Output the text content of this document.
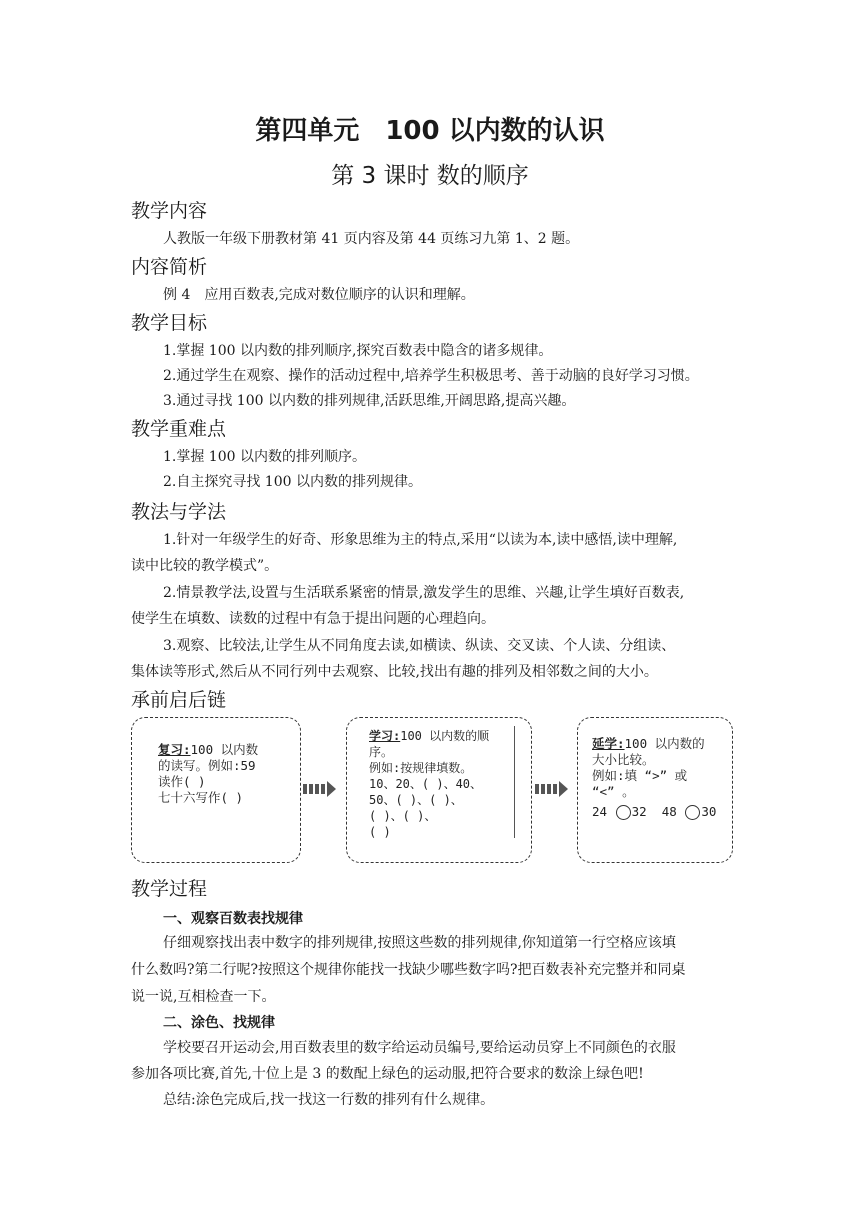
第四单元　100 以内数的认识
第 3 课时 数的顺序
教学内容
人教版一年级下册教材第 41 页内容及第 44 页练习九第 1、2 题。
内容简析
例 4　应用百数表,完成对数位顺序的认识和理解。
教学目标
1.掌握 100 以内数的排列顺序,探究百数表中隐含的诸多规律。
2.通过学生在观察、操作的活动过程中,培养学生积极思考、善于动脑的良好学习习惯。
3.通过寻找 100 以内数的排列规律,活跃思维,开阔思路,提高兴趣。
教学重难点
1.掌握 100 以内数的排列顺序。
2.自主探究寻找 100 以内数的排列规律。
教法与学法
1.针对一年级学生的好奇、形象思维为主的特点,采用“以读为本,读中感悟,读中理解,
读中比较的教学模式”。
2.情景教学法,设置与生活联系紧密的情景,激发学生的思维、兴趣,让学生填好百数表,
使学生在填数、读数的过程中有急于提出问题的心理趋向。
3.观察、比较法,让学生从不同角度去读,如横读、纵读、交叉读、个人读、分组读、
集体读等形式,然后从不同行列中去观察、比较,找出有趣的排列及相邻数之间的大小。
承前启后链
复习:100 以内数
的读写。例如:59
读作( )
七十六写作( )
学习:100 以内数的顺
序。
例如:按规律填数。
10、20、( )、40、
50、( )、( )、
( )、( )、
( )
延学:100 以内数的
大小比较。
例如:填 “>” 或
“<” 。
24 32 48 30
教学过程
一、观察百数表找规律
仔细观察找出表中数字的排列规律,按照这些数的排列规律,你知道第一行空格应该填
什么数吗?第二行呢?按照这个规律你能找一找缺少哪些数字吗?把百数表补充完整并和同桌
说一说,互相检查一下。
二、涂色、找规律
学校要召开运动会,用百数表里的数字给运动员编号,要给运动员穿上不同颜色的衣服
参加各项比赛,首先,十位上是 3 的数配上绿色的运动服,把符合要求的数涂上绿色吧!
总结:涂色完成后,找一找这一行数的排列有什么规律。
